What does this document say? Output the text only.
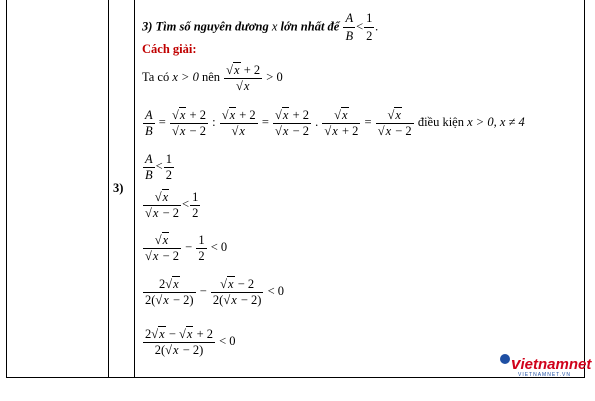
3)
3) Tìm số nguyên dương x lớn nhất để $\frac{A}{B} < \frac{1}{2}$ .
Cách giải:
Ta có x > 0 nên $\frac{√x + 2}{√x} > 0$
$\frac{A}{B} = \frac{√x + 2}{√x - 2}$ : $\frac{√x + 2}{√x} = \frac{√x + 2}{√x - 2}$ . $\frac{√x}{√x + 2} = \frac{√x}{√x - 2}$ điều kiện x > 0, x ≠ 4
$\frac{A}{B} < \frac{1}{2}$
$\frac{√x}{√x - 2} < \frac{1}{2}$
$\frac{√x}{√x - 2} - \frac{1}{2} < 0$
$\frac{2√x}{2(√x - 2)} - \frac{√x - 2}{2(√x - 2)} < 0$
$\frac{2√x - √x + 2}{2(√x - 2)} < 0$
vietnamnet
VIETNAMNET.VN
